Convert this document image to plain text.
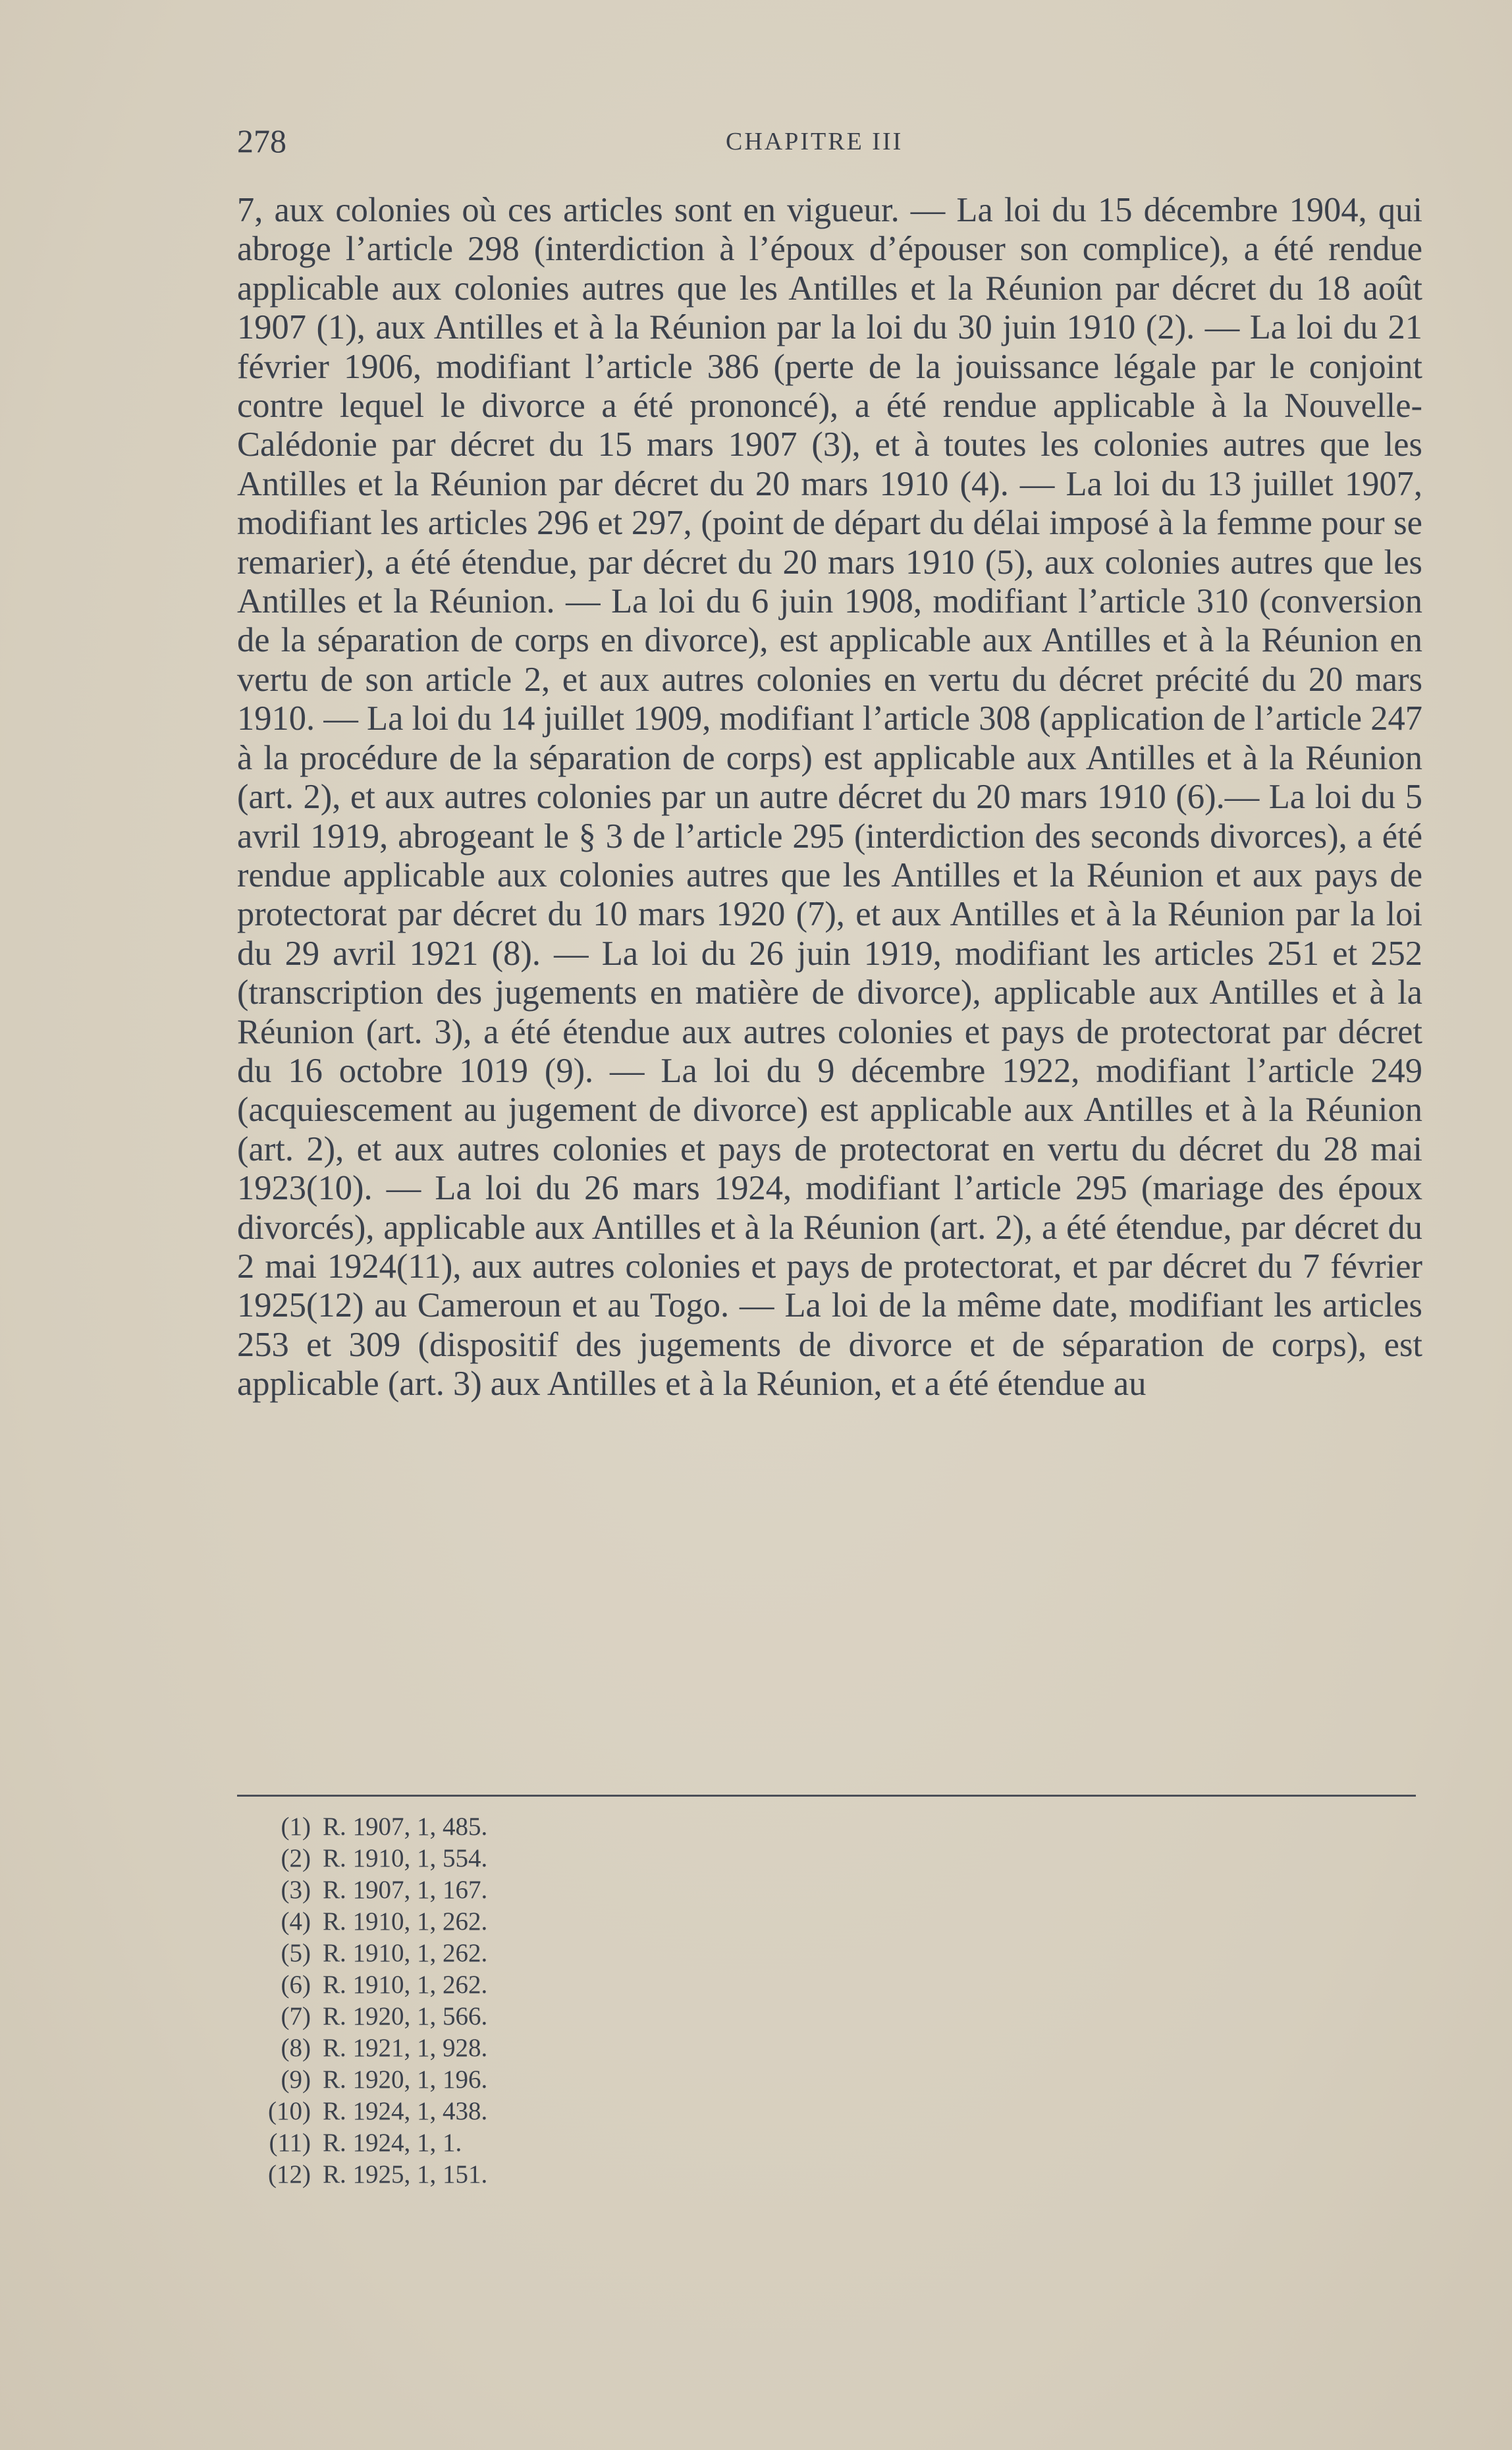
278	CHAPITRE III

7, aux colonies où ces articles sont en vigueur. — La loi du 15 décembre 1904, qui abroge l’article 298 (interdiction à l’époux d’épouser son complice), a été rendue applicable aux colonies autres que les Antilles et la Réunion par décret du 18 août 1907 (1), aux Antilles et à la Réunion par la loi du 30 juin 1910 (2). — La loi du 21 février 1906, modifiant l’article 386 (perte de la jouissance légale par le conjoint contre lequel le divorce a été prononcé), a été rendue applicable à la Nouvelle-Calédonie par décret du 15 mars 1907 (3), et à toutes les colonies autres que les Antilles et la Réunion par décret du 20 mars 1910 (4). — La loi du 13 juillet 1907, modifiant les articles 296 et 297, (point de départ du délai imposé à la femme pour se remarier), a été étendue, par décret du 20 mars 1910 (5), aux colonies autres que les Antilles et la Réunion. — La loi du 6 juin 1908, modifiant l’article 310 (conversion de la séparation de corps en divorce), est applicable aux Antilles et à la Réunion en vertu de son article 2, et aux autres colonies en vertu du décret précité du 20 mars 1910. — La loi du 14 juillet 1909, modifiant l’article 308 (application de l’article 247 à la procédure de la séparation de corps) est applicable aux Antilles et à la Réunion (art. 2), et aux autres colonies par un autre décret du 20 mars 1910 (6).— La loi du 5 avril 1919, abrogeant le § 3 de l’article 295 (interdiction des seconds divorces), a été rendue applicable aux colonies autres que les Antilles et la Réunion et aux pays de protectorat par décret du 10 mars 1920 (7), et aux Antilles et à la Réunion par la loi du 29 avril 1921 (8). — La loi du 26 juin 1919, modifiant les articles 251 et 252 (transcription des jugements en matière de divorce), applicable aux Antilles et à la Réunion (art. 3), a été étendue aux autres colonies et pays de protectorat par décret du 16 octobre 1019 (9). — La loi du 9 décembre 1922, modifiant l’article 249 (acquiescement au jugement de divorce) est applicable aux Antilles et à la Réunion (art. 2), et aux autres colonies et pays de protectorat en vertu du décret du 28 mai 1923(10). — La loi du 26 mars 1924, modifiant l’article 295 (mariage des époux divorcés), applicable aux Antilles et à la Réunion (art. 2), a été étendue, par décret du 2 mai 1924(11), aux autres colonies et pays de protectorat, et par décret du 7 février 1925(12) au Cameroun et au Togo. — La loi de la même date, modifiant les articles 253 et 309 (dispositif des jugements de divorce et de séparation de corps), est applicable (art. 3) aux Antilles et à la Réunion, et a été étendue au

(1) R. 1907, 1, 485.
(2) R. 1910, 1, 554.
(3) R. 1907, 1, 167.
(4) R. 1910, 1, 262.
(5) R. 1910, 1, 262.
(6) R. 1910, 1, 262.
(7) R. 1920, 1, 566.
(8) R. 1921, 1, 928.
(9) R. 1920, 1, 196.
(10) R. 1924, 1, 438.
(11) R. 1924, 1, 1.
(12) R. 1925, 1, 151.
